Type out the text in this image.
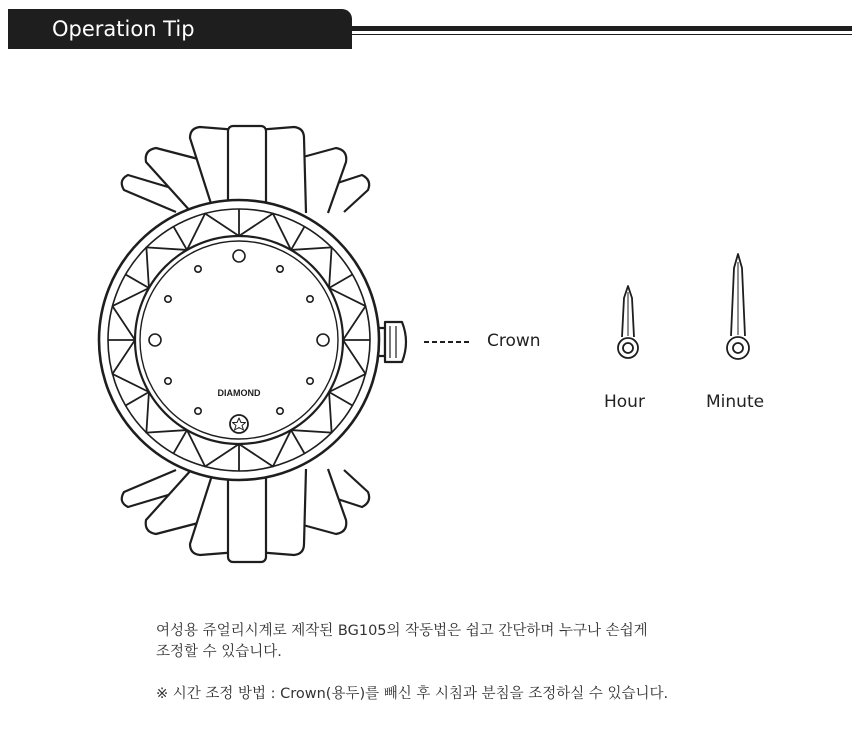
Operation Tip
DIAMOND
Crown
Hour	Minute
여성용 쥬얼리시계로 제작된 BG105의 작동법은 쉽고 간단하며 누구나 손쉽게
조정할 수 있습니다.
※ 시간 조정 방법 : Crown(용두)를 빼신 후 시침과 분침을 조정하실 수 있습니다.
